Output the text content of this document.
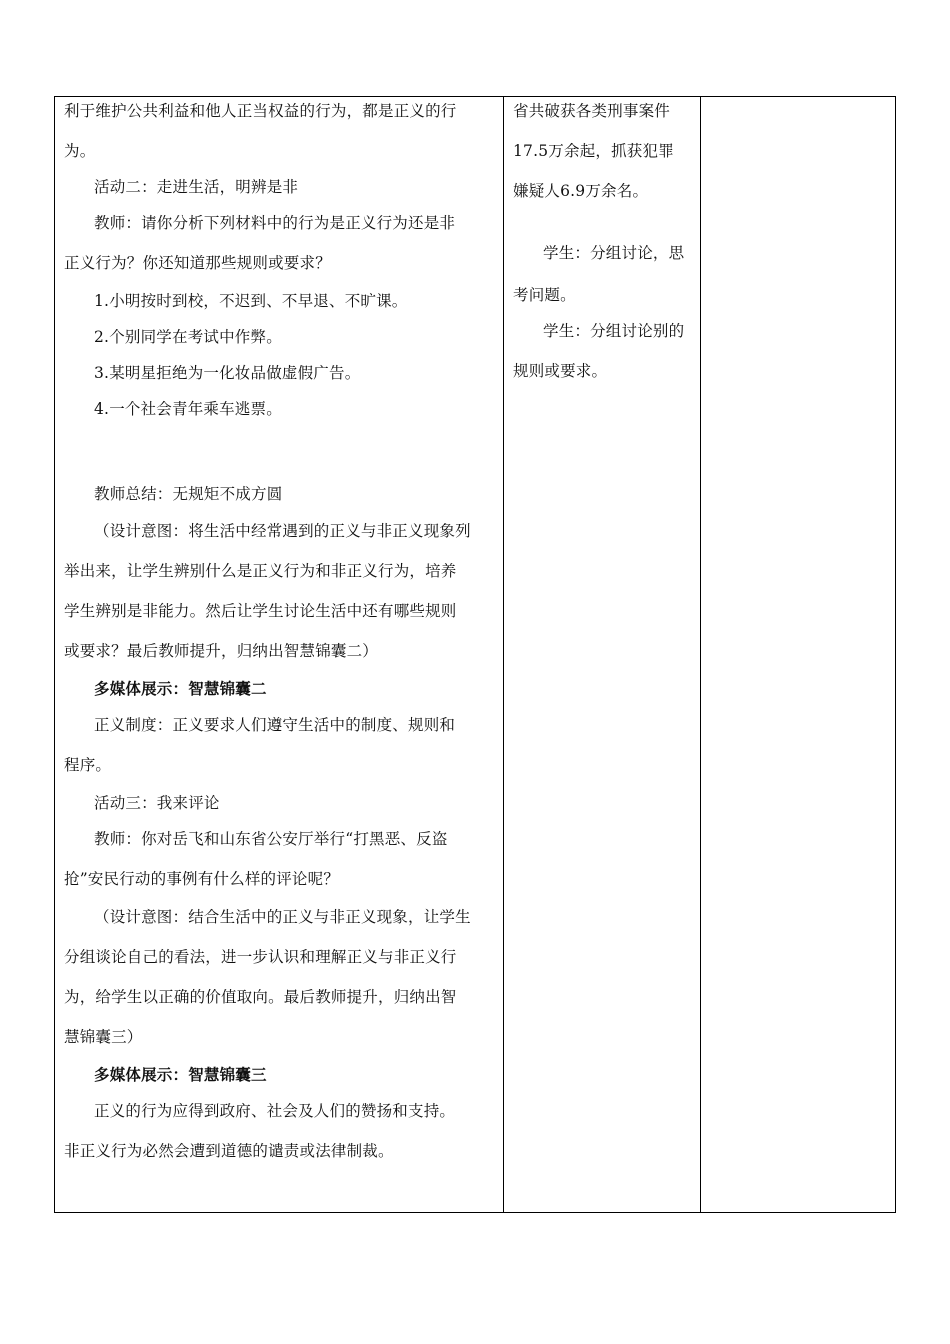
利于维护公共利益和他人正当权益的行为，都是正义的行
为。
活动二：走进生活，明辨是非
教师：请你分析下列材料中的行为是正义行为还是非
正义行为？你还知道那些规则或要求？
1.小明按时到校，不迟到、不早退、不旷课。
2.个别同学在考试中作弊。
3.某明星拒绝为一化妆品做虚假广告。
4.一个社会青年乘车逃票。
教师总结：无规矩不成方圆
（设计意图：将生活中经常遇到的正义与非正义现象列
举出来，让学生辨别什么是正义行为和非正义行为，培养
学生辨别是非能力。然后让学生讨论生活中还有哪些规则
或要求？最后教师提升，归纳出智慧锦囊二）
多媒体展示：智慧锦囊二
正义制度：正义要求人们遵守生活中的制度、规则和
程序。
活动三：我来评论
教师：你对岳飞和山东省公安厅举行“打黑恶、反盗
抢”安民行动的事例有什么样的评论呢？
（设计意图：结合生活中的正义与非正义现象，让学生
分组谈论自己的看法，进一步认识和理解正义与非正义行
为，给学生以正确的价值取向。最后教师提升，归纳出智
慧锦囊三）
多媒体展示：智慧锦囊三
正义的行为应得到政府、社会及人们的赞扬和支持。
非正义行为必然会遭到道德的谴责或法律制裁。
省共破获各类刑事案件
17.5万余起，抓获犯罪
嫌疑人6.9万余名。
学生：分组讨论，思
考问题。
学生：分组讨论别的
规则或要求。
